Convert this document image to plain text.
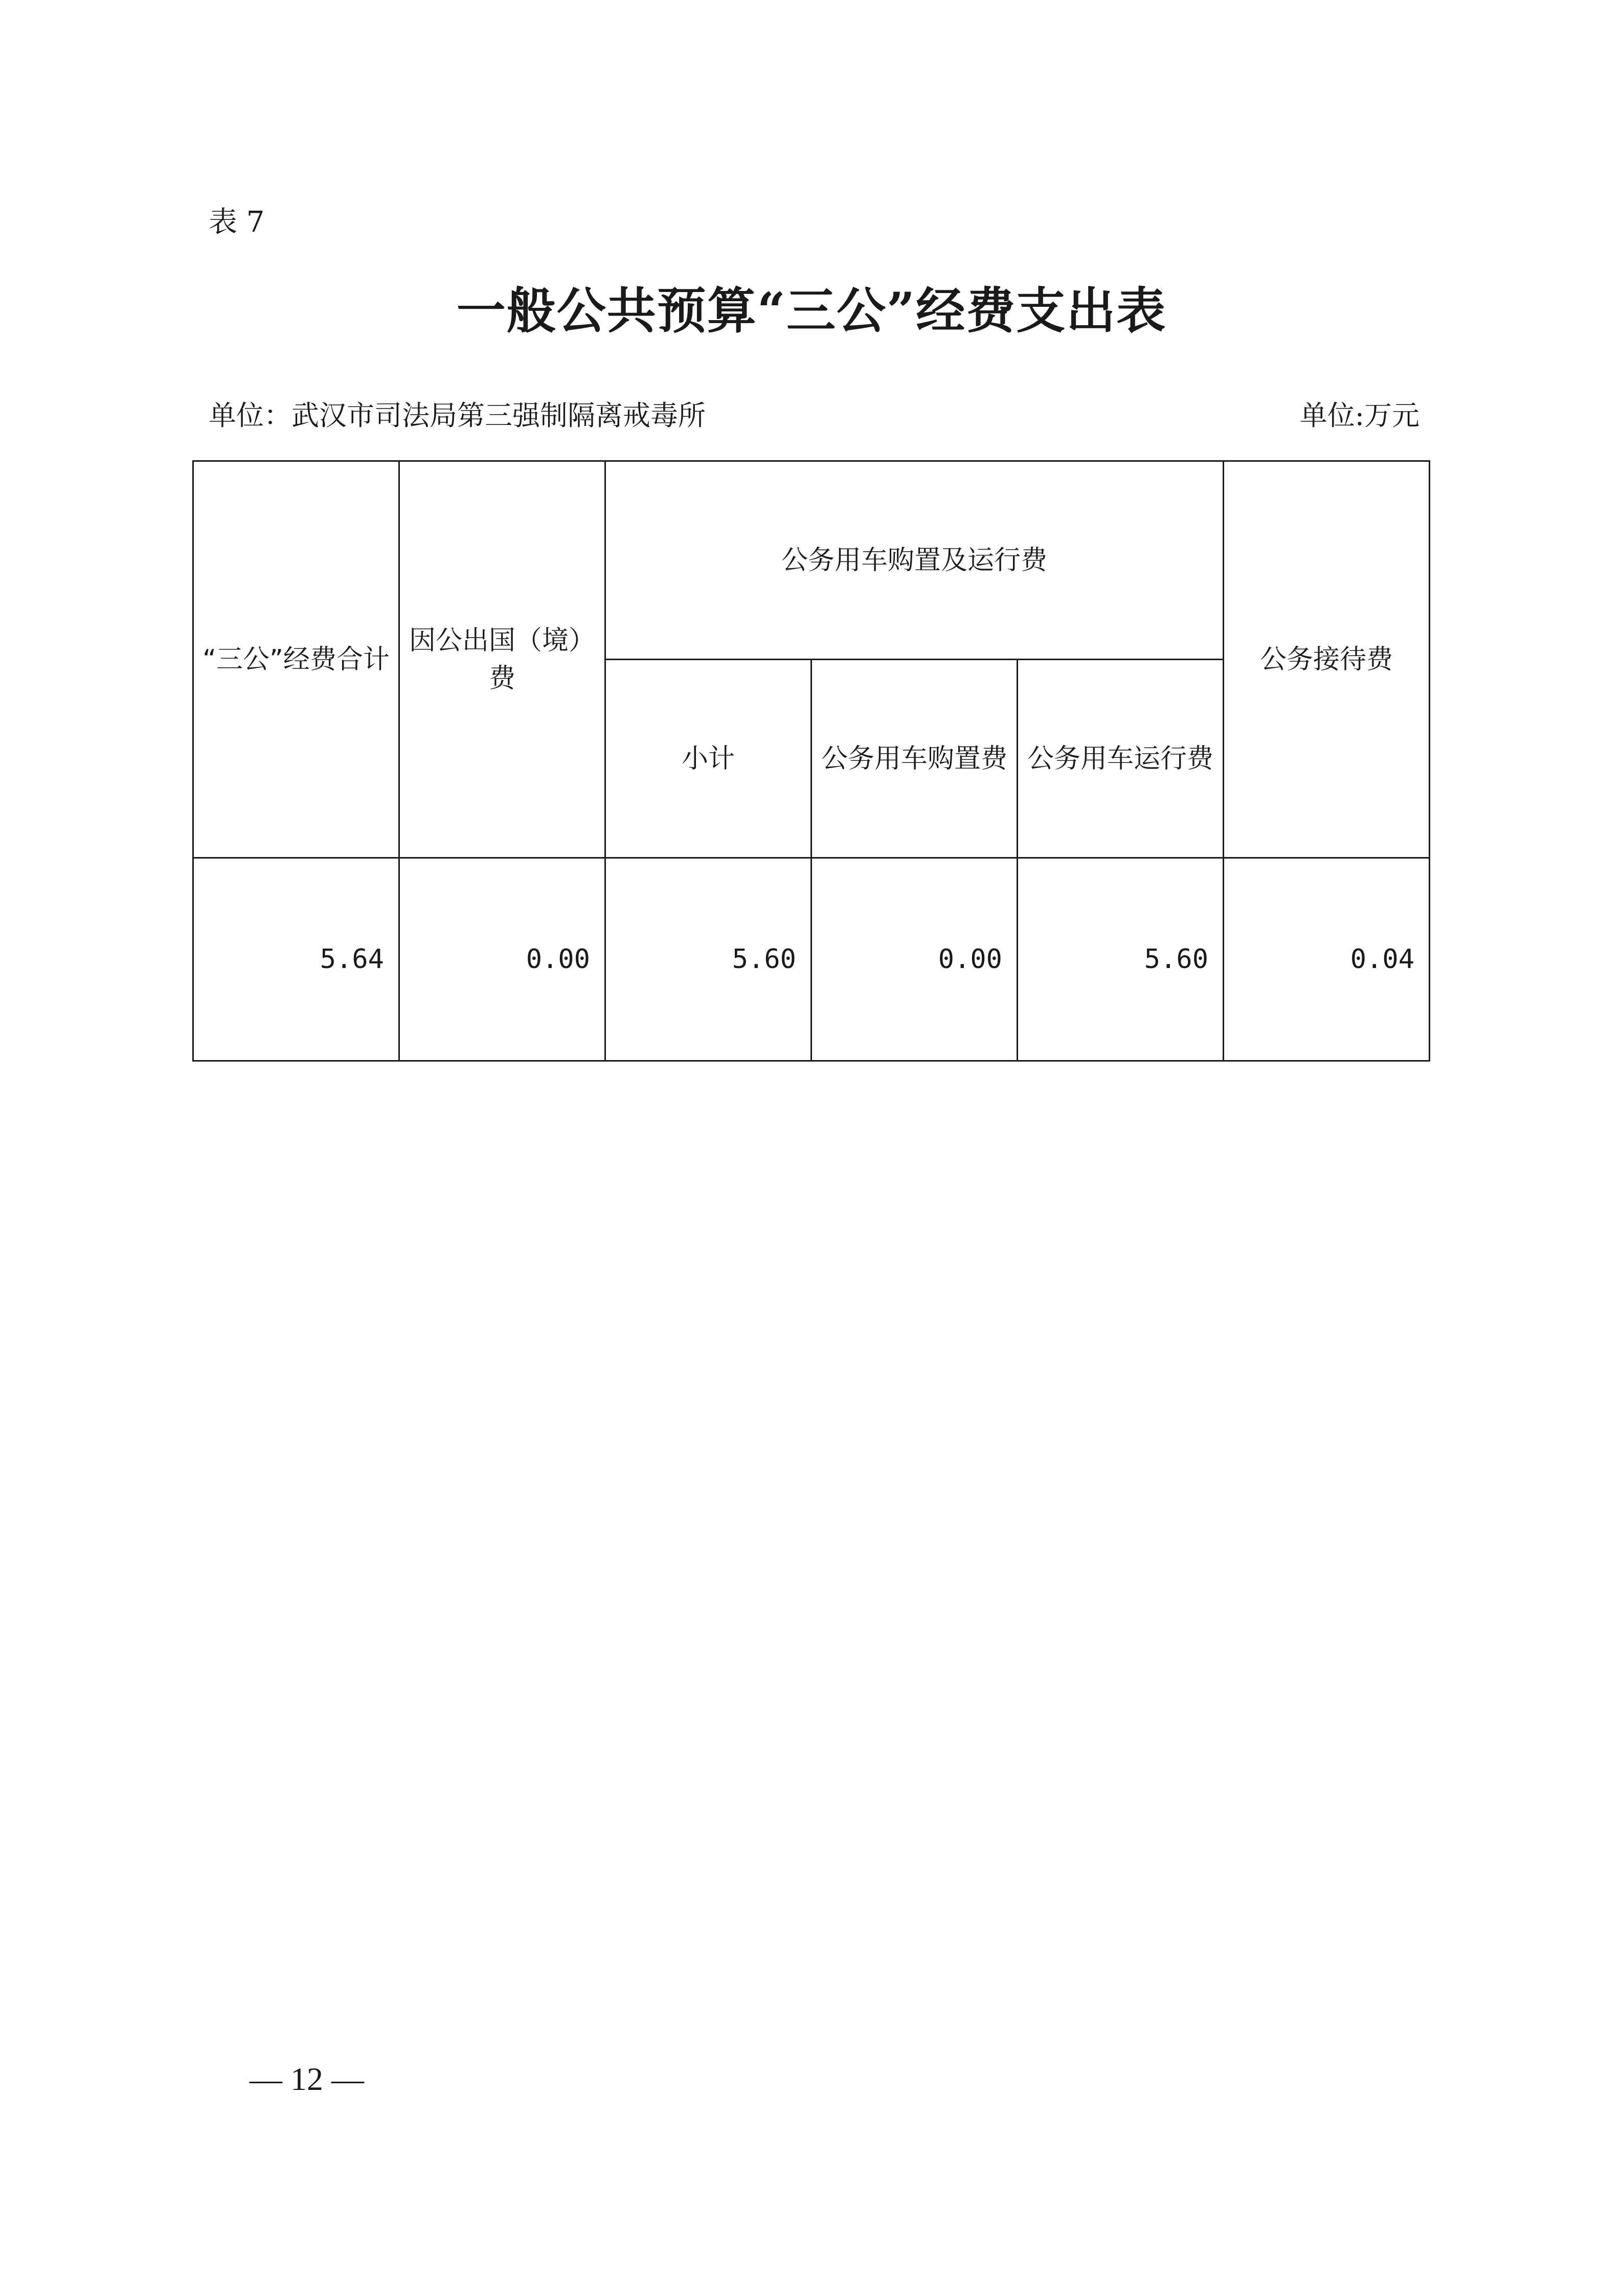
表 7
一般公共预算“三公”经费支出表
单位：武汉市司法局第三强制隔离戒毒所	单位:万元
“三公”经费合计	因公出国（境）费	公务用车购置及运行费			公务接待费
		小计	公务用车购置费	公务用车运行费	
5.64	0.00	5.60	0.00	5.60	0.04
— 12 —
